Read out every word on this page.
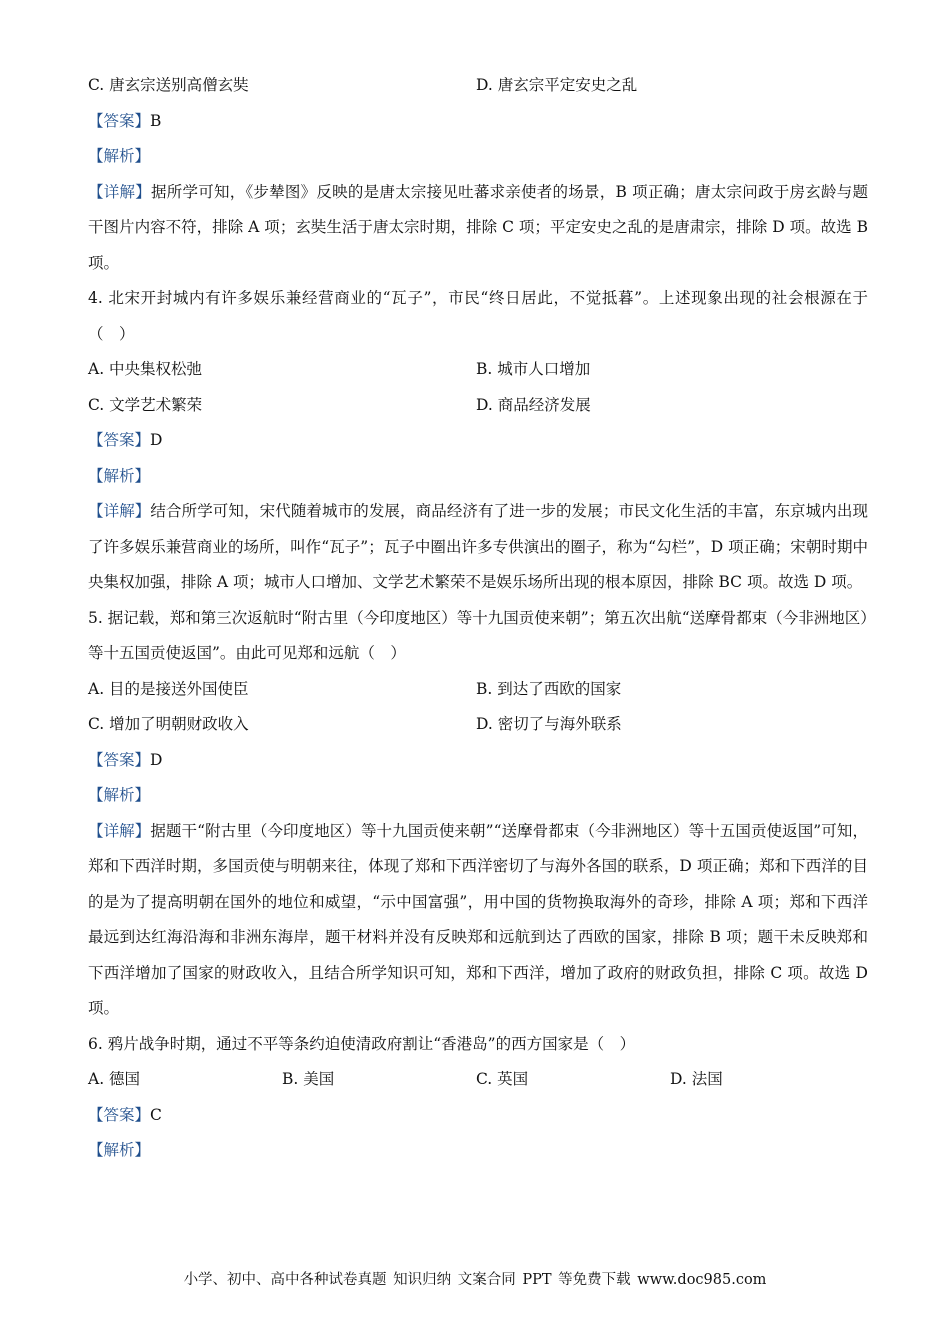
C. 唐玄宗送别高僧玄奘	D. 唐玄宗平定安史之乱
【答案】B
【解析】
【详解】据所学可知，《步辇图》反映的是唐太宗接见吐蕃求亲使者的场景，B 项正确；唐太宗问政于房玄龄与题干图片内容不符，排除 A 项；玄奘生活于唐太宗时期，排除 C 项；平定安史之乱的是唐肃宗，排除 D 项。故选 B 项。
4. 北宋开封城内有许多娱乐兼经营商业的“瓦子”，市民“终日居此，不觉抵暮”。上述现象出现的社会根源在于（　）
A. 中央集权松弛	B. 城市人口增加
C. 文学艺术繁荣	D. 商品经济发展
【答案】D
【解析】
【详解】结合所学可知，宋代随着城市的发展，商品经济有了进一步的发展；市民文化生活的丰富，东京城内出现了许多娱乐兼营商业的场所，叫作“瓦子”；瓦子中圈出许多专供演出的圈子，称为“勾栏”，D 项正确；宋朝时期中央集权加强，排除 A 项；城市人口增加、文学艺术繁荣不是娱乐场所出现的根本原因，排除 BC 项。故选 D 项。
5. 据记载，郑和第三次返航时“附古里（今印度地区）等十九国贡使来朝”；第五次出航“送摩骨都束（今非洲地区）等十五国贡使返国”。由此可见郑和远航（　）
A. 目的是接送外国使臣	B. 到达了西欧的国家
C. 增加了明朝财政收入	D. 密切了与海外联系
【答案】D
【解析】
【详解】据题干“附古里（今印度地区）等十九国贡使来朝”“送摩骨都束（今非洲地区）等十五国贡使返国”可知，郑和下西洋时期，多国贡使与明朝来往，体现了郑和下西洋密切了与海外各国的联系，D 项正确；郑和下西洋的目的是为了提高明朝在国外的地位和威望，“示中国富强”，用中国的货物换取海外的奇珍，排除 A 项；郑和下西洋最远到达红海沿海和非洲东海岸，题干材料并没有反映郑和远航到达了西欧的国家，排除 B 项；题干未反映郑和下西洋增加了国家的财政收入，且结合所学知识可知，郑和下西洋，增加了政府的财政负担，排除 C 项。故选 D 项。
6. 鸦片战争时期，通过不平等条约迫使清政府割让“香港岛”的西方国家是（　）
A. 德国	B. 美国	C. 英国	D. 法国
【答案】C
【解析】
小学、初中、高中各种试卷真题 知识归纳 文案合同 PPT 等免费下载 www.doc985.com
